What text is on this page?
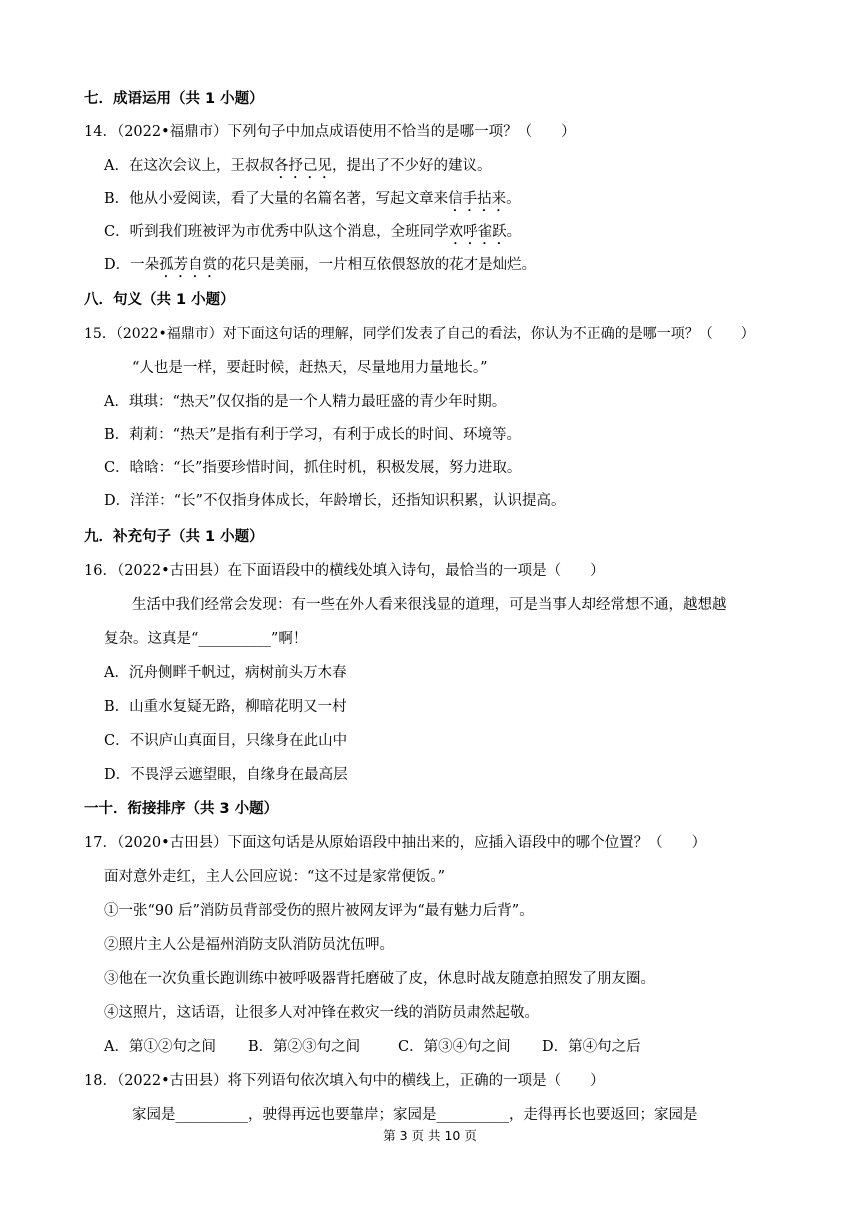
七．成语运用（共 1 小题）
14．（2022•福鼎市）下列句子中加点成语使用不恰当的是哪一项？（　　）
A．在这次会议上，王叔叔各抒己见，提出了不少好的建议。
B．他从小爱阅读，看了大量的名篇名著，写起文章来信手拈来。
C．听到我们班被评为市优秀中队这个消息，全班同学欢呼雀跃。
D．一朵孤芳自赏的花只是美丽，一片相互依偎怒放的花才是灿烂。
八．句义（共 1 小题）
15．（2022•福鼎市）对下面这句话的理解，同学们发表了自己的看法，你认为不正确的是哪一项？（　　）
“人也是一样，要赶时候，赶热天，尽量地用力量地长。”
A．琪琪：“热天”仅仅指的是一个人精力最旺盛的青少年时期。
B．莉莉：“热天”是指有利于学习，有利于成长的时间、环境等。
C．晗晗：“长”指要珍惜时间，抓住时机，积极发展，努力进取。
D．洋洋：“长”不仅指身体成长，年龄增长，还指知识积累，认识提高。
九．补充句子（共 1 小题）
16．（2022•古田县）在下面语段中的横线处填入诗句，最恰当的一项是（　　）
生活中我们经常会发现：有一些在外人看来很浅显的道理，可是当事人却经常想不通，越想越
复杂。这真是“__________”啊！
A．沉舟侧畔千帆过，病树前头万木春
B．山重水复疑无路，柳暗花明又一村
C．不识庐山真面目，只缘身在此山中
D．不畏浮云遮望眼，自缘身在最高层
一十．衔接排序（共 3 小题）
17．（2020•古田县）下面这句话是从原始语段中抽出来的，应插入语段中的哪个位置？（　　）
面对意外走红，主人公回应说：“这不过是家常便饭。”
①一张“90 后”消防员背部受伤的照片被网友评为“最有魅力后背”。
②照片主人公是福州消防支队消防员沈伍呷。
③他在一次负重长跑训练中被呼吸器背托磨破了皮，休息时战友随意拍照发了朋友圈。
④这照片，这话语，让很多人对冲锋在救灾一线的消防员肃然起敬。
A．第①②句之间 B．第②③句之间	C．第③④句之间 D．第④句之后
18．（2022•古田县）将下列语句依次填入句中的横线上，正确的一项是（　　）
家园是__________，驶得再远也要靠岸；家园是__________，走得再长也要返回；家园是
第 3 页 共 10 页
